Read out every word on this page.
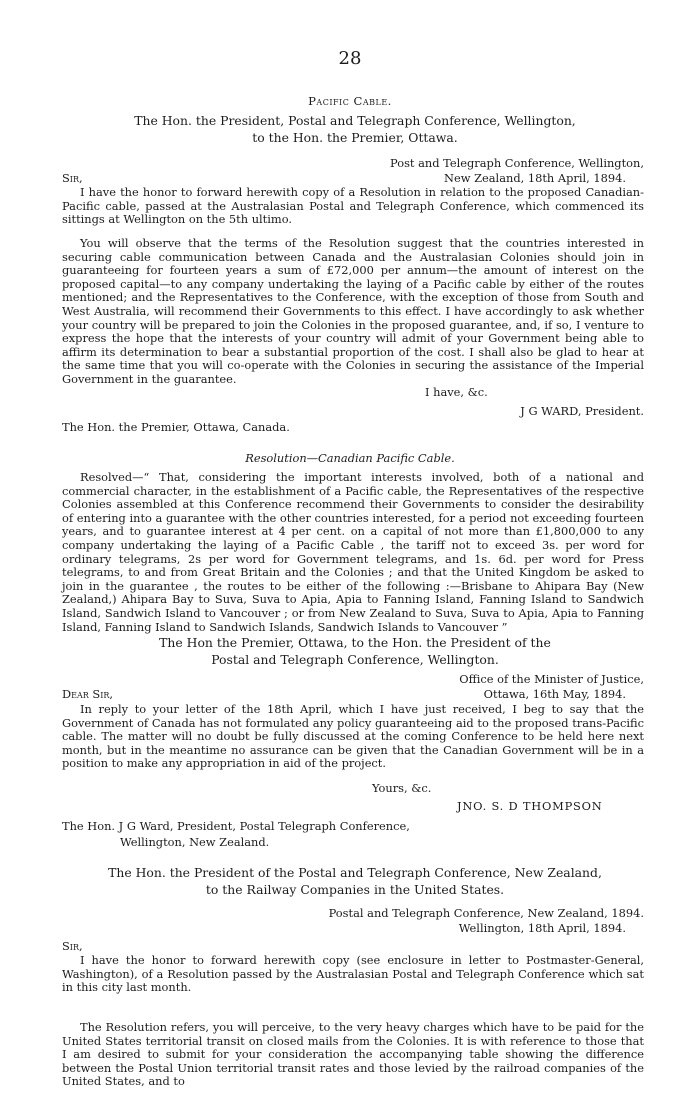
28
Pacific Cable.
The Hon. the President, Postal and Telegraph Conference, Wellington,
to the Hon. the Premier, Ottawa.
Post and Telegraph Conference, Wellington,
Sir,	New Zealand, 18th April, 1894.
I have the honor to forward herewith copy of a Resolution in relation to the proposed Canadian-Pacific cable, passed at the Australasian Postal and Telegraph Conference, which commenced its sittings at Wellington on the 5th ultimo.
You will observe that the terms of the Resolution suggest that the countries interested in securing cable communication between Canada and the Australasian Colonies should join in guaranteeing for fourteen years a sum of £72,000 per annum—the amount of interest on the proposed capital—to any company undertaking the laying of a Pacific cable by either of the routes mentioned; and the Representatives to the Conference, with the exception of those from South and West Australia, will recommend their Governments to this effect. I have accordingly to ask whether your country will be prepared to join the Colonies in the proposed guarantee, and, if so, I venture to express the hope that the interests of your country will admit of your Government being able to affirm its determination to bear a substantial proportion of the cost. I shall also be glad to hear at the same time that you will co-operate with the Colonies in securing the assistance of the Imperial Government in the guarantee.
I have, &c.
J G WARD, President.
The Hon. the Premier, Ottawa, Canada.
Resolution—Canadian Pacific Cable.
Resolved—“ That, considering the important interests involved, both of a national and commercial character, in the establishment of a Pacific cable, the Representatives of the respective Colonies assembled at this Conference recommend their Governments to consider the desirability of entering into a guarantee with the other countries interested, for a period not exceeding fourteen years, and to guarantee interest at 4 per cent. on a capital of not more than £1,800,000 to any company undertaking the laying of a Pacific Cable , the tariff not to exceed 3s. per word for ordinary telegrams, 2s per word for Government telegrams, and 1s. 6d. per word for Press telegrams, to and from Great Britain and the Colonies ; and that the United Kingdom be asked to join in the guarantee , the routes to be either of the following :—Brisbane to Ahipara Bay (New Zealand,) Ahipara Bay to Suva, Suva to Apia, Apia to Fanning Island, Fanning Island to Sandwich Island, Sandwich Island to Vancouver ; or from New Zealand to Suva, Suva to Apia, Apia to Fanning Island, Fanning Island to Sandwich Islands, Sandwich Islands to Vancouver ”
The Hon the Premier, Ottawa, to the Hon. the President of the
Postal and Telegraph Conference, Wellington.
Office of the Minister of Justice,
Dear Sir,	Ottawa, 16th May, 1894.
In reply to your letter of the 18th April, which I have just received, I beg to say that the Government of Canada has not formulated any policy guaranteeing aid to the proposed trans-Pacific cable. The matter will no doubt be fully discussed at the coming Conference to be held here next month, but in the meantime no assurance can be given that the Canadian Government will be in a position to make any appropriation in aid of the project.
Yours, &c.
JNO. S. D THOMPSON
The Hon. J G Ward, President, Postal Telegraph Conference,
Wellington, New Zealand.
The Hon. the President of the Postal and Telegraph Conference, New Zealand,
to the Railway Companies in the United States.
Postal and Telegraph Conference, New Zealand, 1894.
Wellington, 18th April, 1894.
Sir,
I have the honor to forward herewith copy (see enclosure in letter to Postmaster-General, Washington), of a Resolution passed by the Australasian Postal and Telegraph Conference which sat in this city last month.
The Resolution refers, you will perceive, to the very heavy charges which have to be paid for the United States territorial transit on closed mails from the Colonies. It is with reference to those that I am desired to submit for your consideration the accompanying table showing the difference between the Postal Union territorial transit rates and those levied by the railroad companies of the United States, and to
